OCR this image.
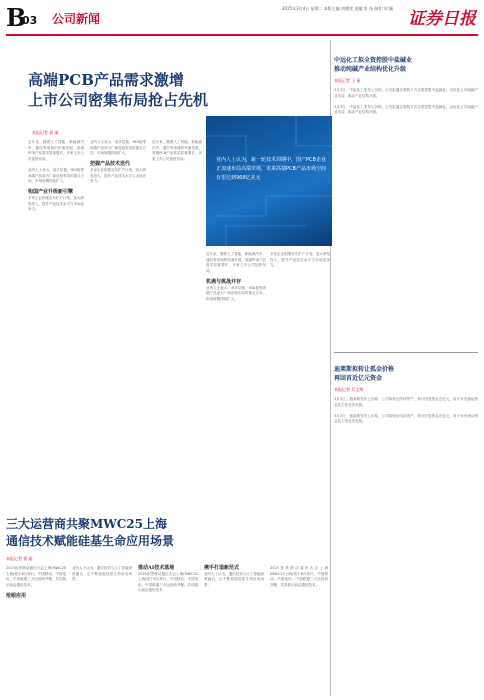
B
03 公司新闻
2025年3月4日 星期二 本版主编:刘德宽 责编:张 扬 制作:刘 颖
证券日报
高端PCB产品需求激增
上市公司密集布局抢占先机
本报记者 贾 丽

近年来，随着人工智能、新能源汽车、通信等领域的快速发展，高端PCB产品需求显著增长，多家上市公司加快布局。

业内人士表示，高多层板、HDI板等高端产品成为厂商竞相布局的重点方向，市场规模持续扩大。

钩国产业升级新引擎

多家企业相继宣布扩产计划，加大研发投入，提升产品技术水平与市场竞争力。

业内人士表示，高多层板、HDI板等高端产品成为厂商竞相布局的重点方向，市场规模持续扩大。

把握产品技术迭代

多家企业相继宣布扩产计划，加大研发投入，提升产品技术水平与市场竞争力。

近年来，随着人工智能、新能源汽车、通信等领域的快速发展，高端PCB产品需求显著增长，多家上市公司加快布局。	业内人士认为，新一轮技术周期中，国产PCB企业正加速布局高端市场，未来高端PCB产品市场空间有望达到968亿美元

近年来，随着人工智能、新能源汽车、通信等领域的快速发展，高端PCB产品需求显著增长，多家上市公司加快布局。

机遇与挑战并存

业内人士表示，高多层板、HDI板等高端产品成为厂商竞相布局的重点方向，市场规模持续扩大。

多家企业相继宣布扩产计划，加大研发投入，提升产品技术水平与市场竞争力。

三大运营商共聚MWC25上海
通信技术赋能硅基生命应用场景
本报记者 贾 丽

2025世界移动通信大会上海(MWC25上海)将于6月举行，中国移动、中国电信、中国联通三大运营商齐聚，共同展示前沿通信技术。

抢眼应用

业内人士认为，通信技术与人工智能深度融合，正不断拓展硅基生命应用场景。

推动AI技术落地

2025世界移动通信大会上海(MWC25上海)将于6月举行，中国移动、中国电信、中国联通三大运营商齐聚，共同展示前沿通信技术。

携手打造新范式

业内人士认为，通信技术与人工智能深度融合，正不断拓展硅基生命应用场景。

2025世界移动通信大会上海(MWC25上海)将于6月举行，中国移动、中国电信、中国联通三大运营商齐聚，共同展示前沿通信技术。

中远化工拟全资控股中盐碱业
推动纯碱产业结构优化升级
本报记者 王 丽

3月3日，中盐化工发布公告称，公司拟通过收购方式全资控股中盐碱业，以优化公司纯碱产业布局，推动产业结构升级。

3月3日，中盐化工发布公告称，公司拟通过收购方式全资控股中盐碱业，以优化公司纯碱产业布局，推动产业结构升级。

迪莱斯拟转让孤金价格
再回首近亿元资金
本报记者 吴文博

3月3日，迪莱斯发布公告称，公司拟转让所持资产，预计回笼资金近亿元，用于补充流动资金及主营业务发展。

3月3日，迪莱斯发布公告称，公司拟转让所持资产，预计回笼资金近亿元，用于补充流动资金及主营业务发展。
